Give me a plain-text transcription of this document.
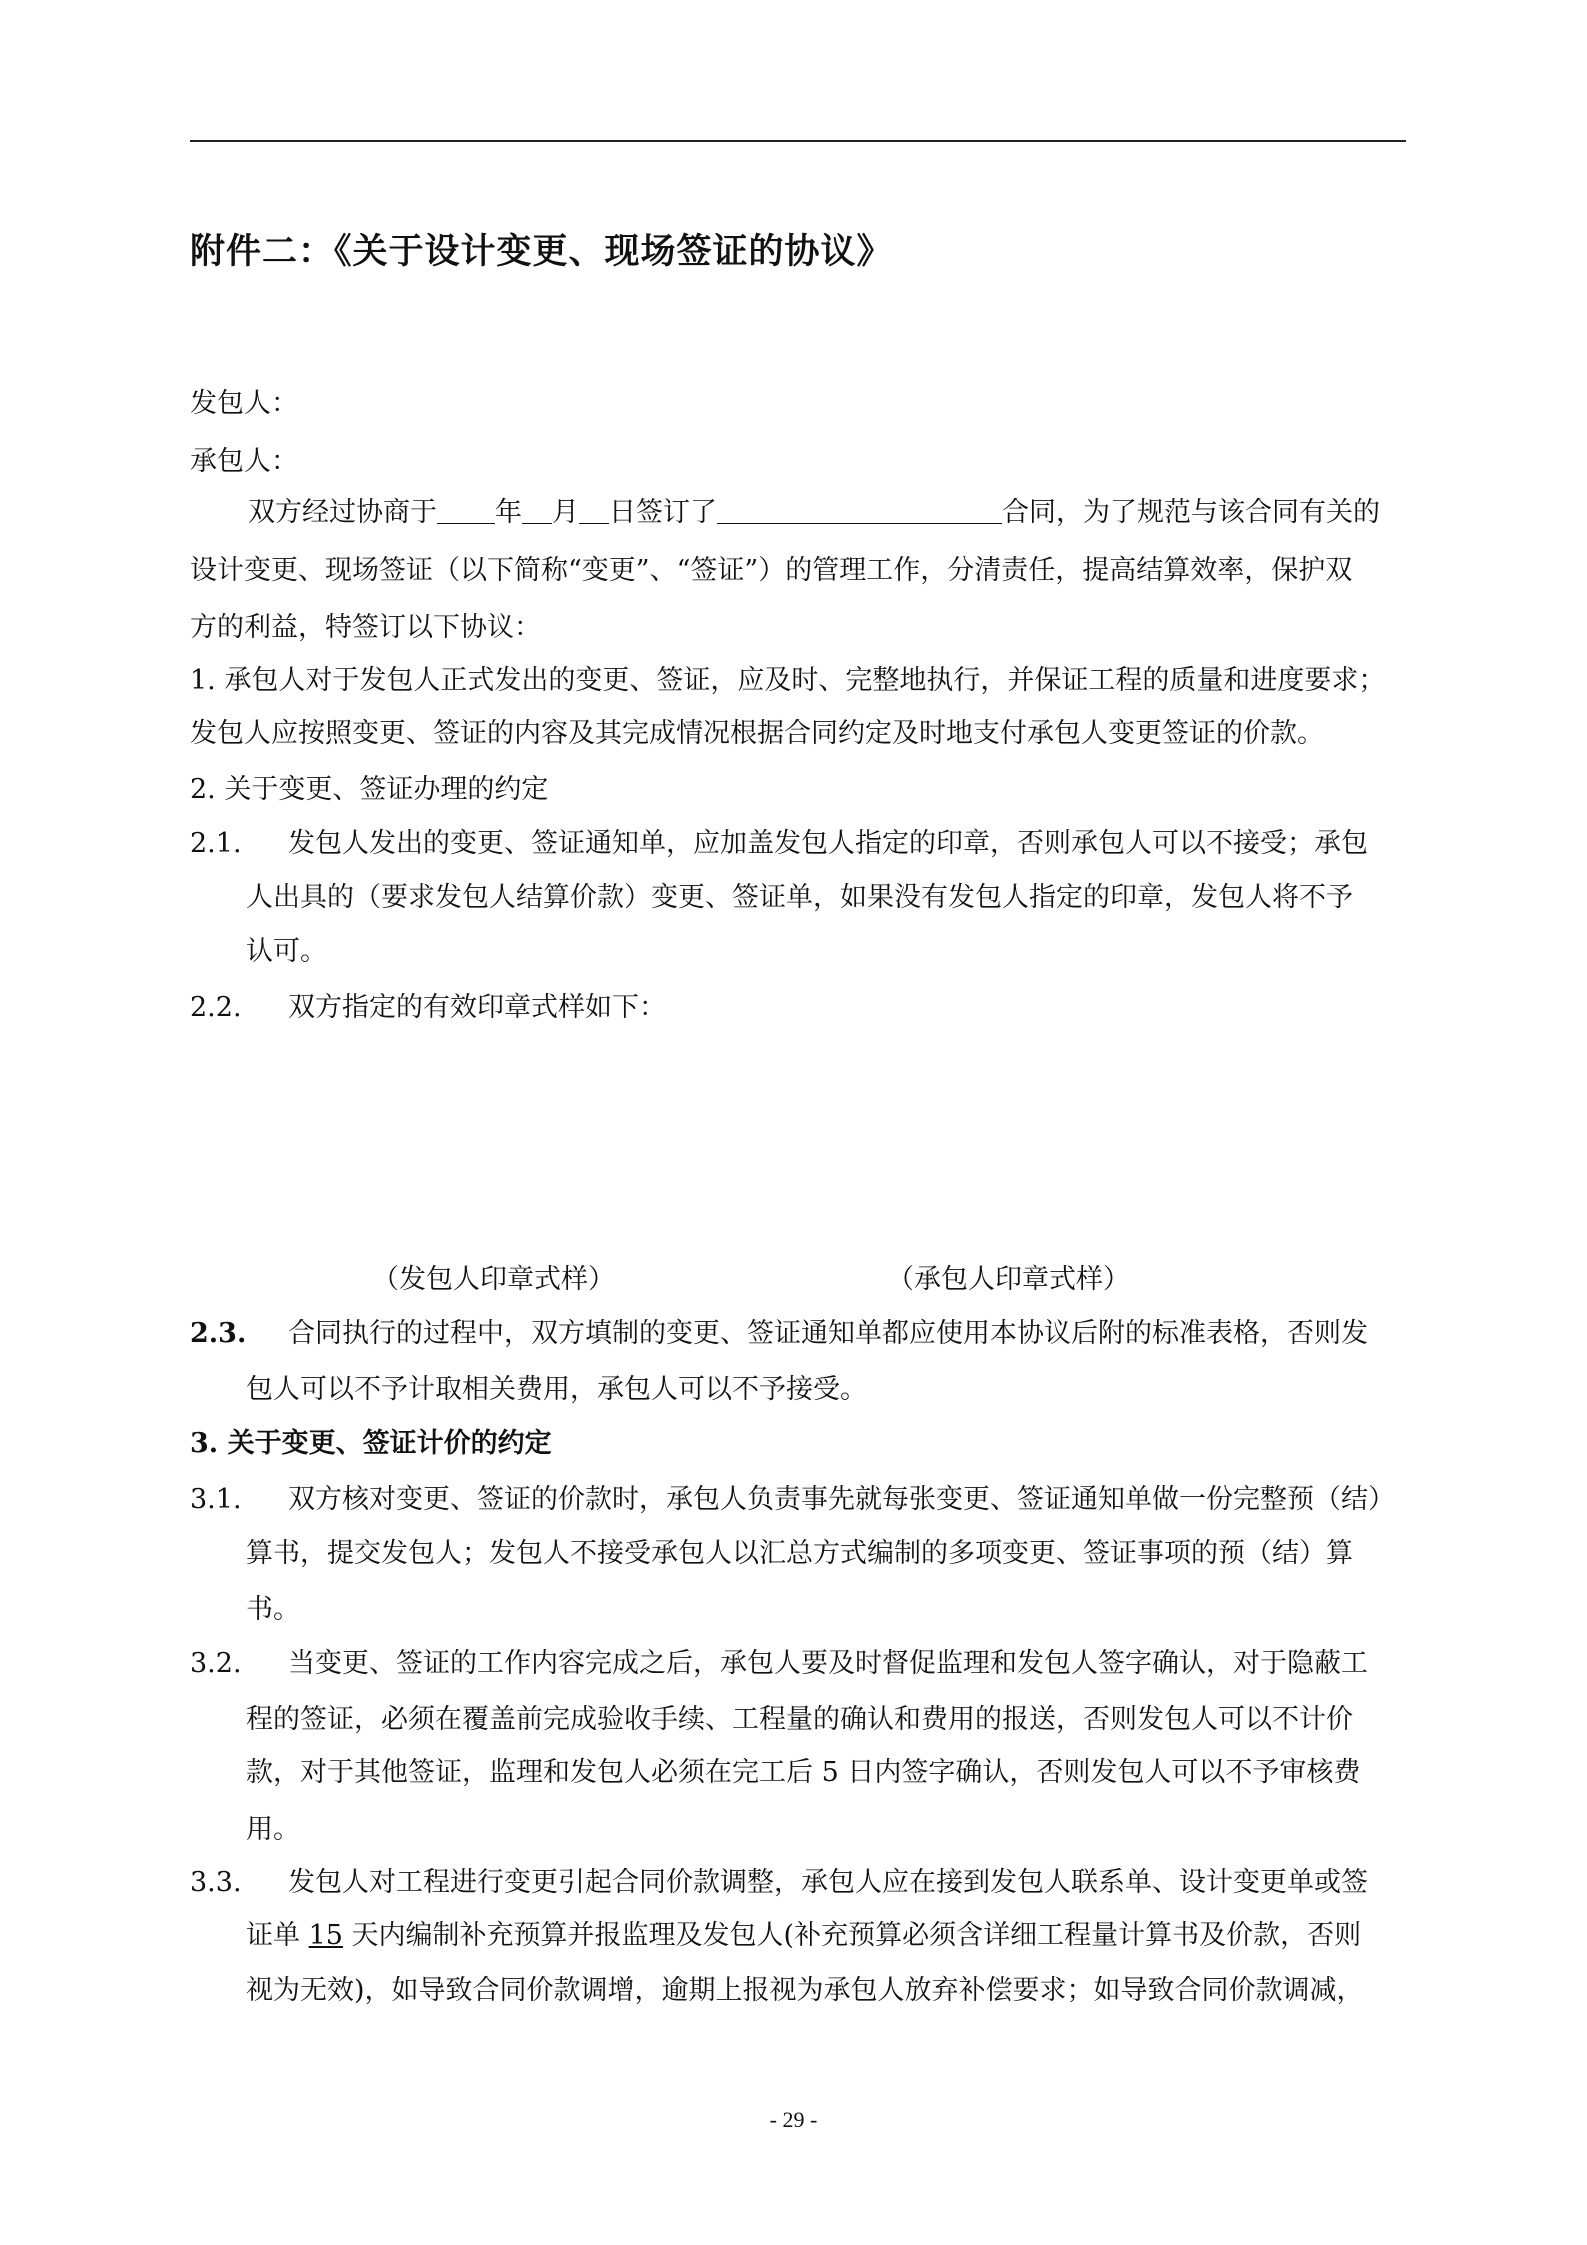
附件二：《关于设计变更、现场签证的协议》
发包人：
承包人：
双方经过协商于 年 月 日签订了	合同，为了规范与该合同有关的
设计变更、现场签证（以下简称“变更”、“签证”）的管理工作，分清责任，提高结算效率，保护双
方的利益，特签订以下协议：
1. 承包人对于发包人正式发出的变更、签证，应及时、完整地执行，并保证工程的质量和进度要求；
发包人应按照变更、签证的内容及其完成情况根据合同约定及时地支付承包人变更签证的价款。
2. 关于变更、签证办理的约定
2.1. 发包人发出的变更、签证通知单，应加盖发包人指定的印章，否则承包人可以不接受；承包
人出具的（要求发包人结算价款）变更、签证单，如果没有发包人指定的印章，发包人将不予
认可。
2.2. 双方指定的有效印章式样如下：
（发包人印章式样）	（承包人印章式样）
2.3. 合同执行的过程中，双方填制的变更、签证通知单都应使用本协议后附的标准表格，否则发
包人可以不予计取相关费用，承包人可以不予接受。
3. 关于变更、签证计价的约定
3.1. 双方核对变更、签证的价款时，承包人负责事先就每张变更、签证通知单做一份完整预（结）
算书，提交发包人；发包人不接受承包人以汇总方式编制的多项变更、签证事项的预（结）算
书。
3.2. 当变更、签证的工作内容完成之后，承包人要及时督促监理和发包人签字确认，对于隐蔽工
程的签证，必须在覆盖前完成验收手续、工程量的确认和费用的报送，否则发包人可以不计价
款，对于其他签证，监理和发包人必须在完工后 5 日内签字确认，否则发包人可以不予审核费
用。
3.3. 发包人对工程进行变更引起合同价款调整，承包人应在接到发包人联系单、设计变更单或签
证单 15 天内编制补充预算并报监理及发包人(补充预算必须含详细工程量计算书及价款，否则
视为无效)，如导致合同价款调增，逾期上报视为承包人放弃补偿要求；如导致合同价款调减，
- 29 -
